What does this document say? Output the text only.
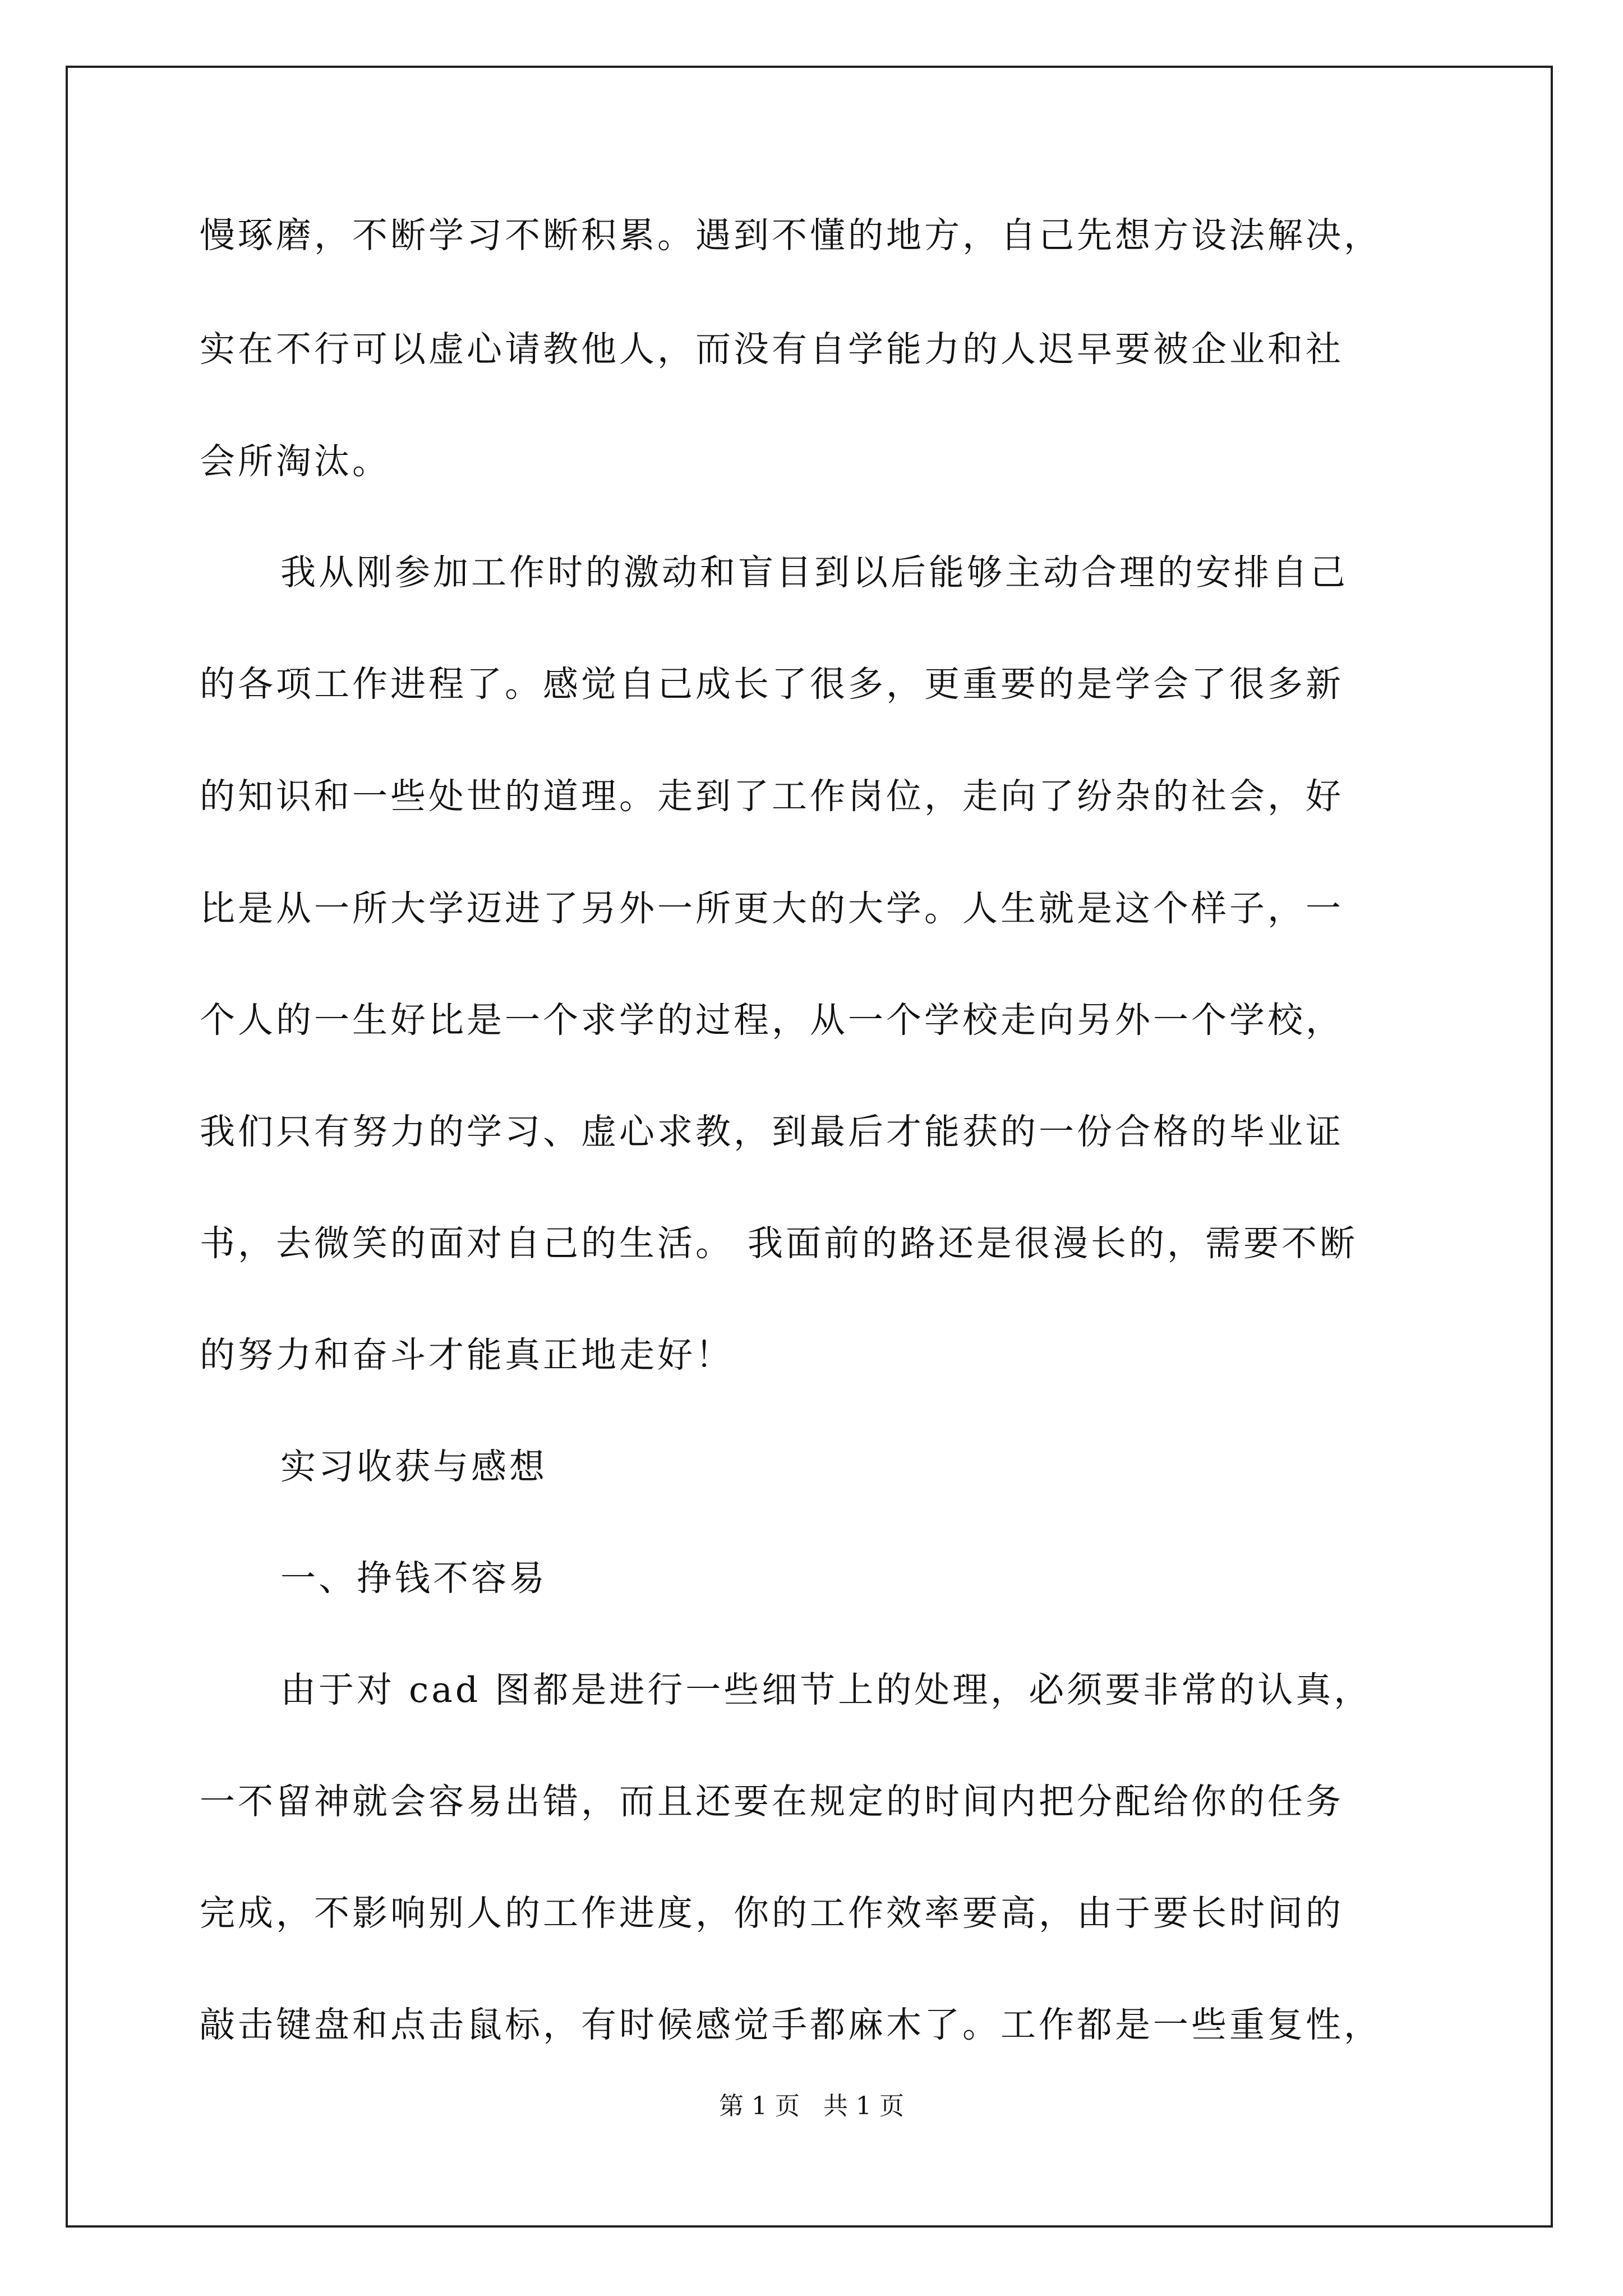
慢琢磨，不断学习不断积累。遇到不懂的地方，自己先想方设法解决，
实在不行可以虚心请教他人，而没有自学能力的人迟早要被企业和社
会所淘汰。
我从刚参加工作时的激动和盲目到以后能够主动合理的安排自己
的各项工作进程了。感觉自己成长了很多，更重要的是学会了很多新
的知识和一些处世的道理。走到了工作岗位，走向了纷杂的社会，好
比是从一所大学迈进了另外一所更大的大学。人生就是这个样子，一
个人的一生好比是一个求学的过程，从一个学校走向另外一个学校，
我们只有努力的学习、虚心求教，到最后才能获的一份合格的毕业证
书，去微笑的面对自己的生活。 我面前的路还是很漫长的，需要不断
的努力和奋斗才能真正地走好！
实习收获与感想
一、挣钱不容易
由于对 cad 图都是进行一些细节上的处理，必须要非常的认真，
一不留神就会容易出错，而且还要在规定的时间内把分配给你的任务
完成，不影响别人的工作进度，你的工作效率要高，由于要长时间的
敲击键盘和点击鼠标，有时候感觉手都麻木了。工作都是一些重复性，
第 1 页   共 1 页
